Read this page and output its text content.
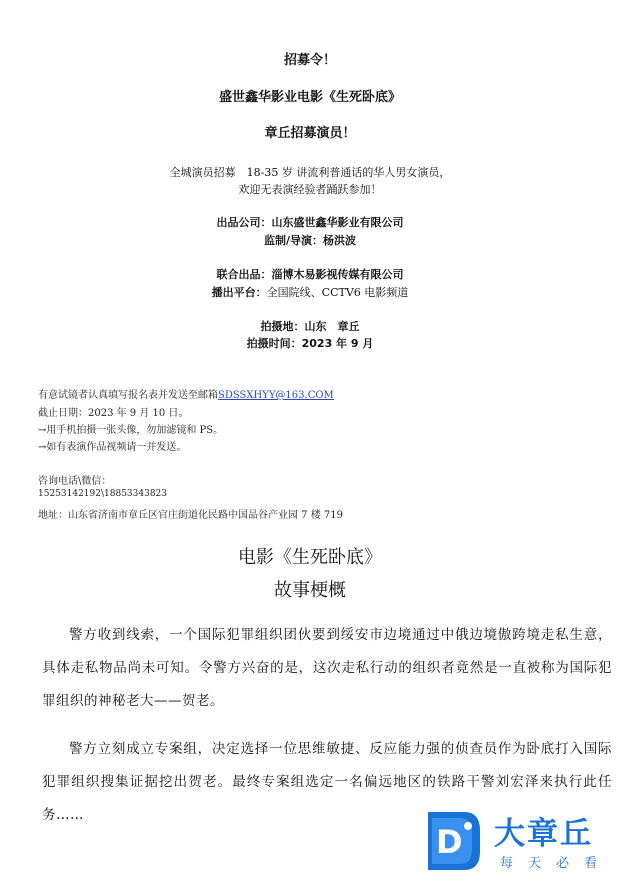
招募令！
盛世鑫华影业电影《生死卧底》
章丘招募演员！
全城演员招募　18-35 岁 讲流利普通话的华人男女演员，
欢迎无表演经验者踊跃参加！
出品公司：山东盛世鑫华影业有限公司
监制/导演：杨洪波
联合出品：淄博木易影视传媒有限公司
播出平台：全国院线、CCTV6 电影频道
拍摄地：山东　章丘
拍摄时间：2023 年 9 月
有意试镜者认真填写报名表并发送至邮箱SDSSXHYY@163.COM
截止日期：2023 年 9 月 10 日。
→用手机拍摄一张头像，勿加滤镜和 PS。
→如有表演作品视频请一并发送。
咨询电话\微信：
15253142192\18853343823
地址：山东省济南市章丘区官庄街道化民路中国品谷产业园 7 楼 719
电影《生死卧底》
故事梗概
警方收到线索，一个国际犯罪组织团伙要到绥安市边境通过中俄边境傲跨境走私生意，具体走私物品尚未可知。令警方兴奋的是，这次走私行动的组织者竟然是一直被称为国际犯罪组织的神秘老大——贺老。
警方立刻成立专案组，决定选择一位思维敏捷、反应能力强的侦查员作为卧底打入国际犯罪组织搜集证据挖出贺老。最终专案组选定一名偏远地区的铁路干警刘宏泽来执行此任务……
D 大章丘
每天必看
